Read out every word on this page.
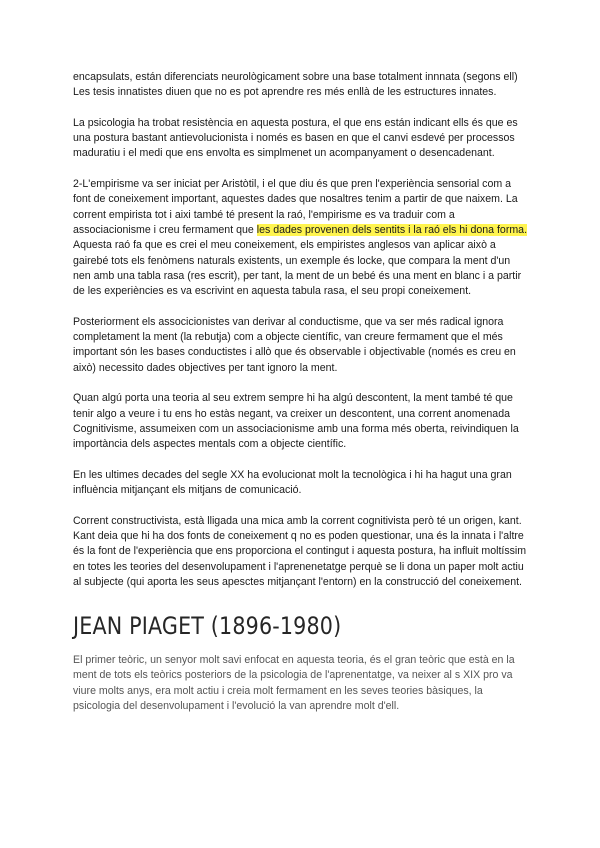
encapsulats, están diferenciats neurològicament sobre una base totalment innnata (segons ell)

Les tesis innatistes diuen que no es pot aprendre res més enllà de les estructures innates.

La psicologia ha trobat resistència en aquesta postura, el que ens están indicant ells és que es una postura bastant antievolucionista i només es basen en que el canvi esdevé per processos maduratiu i el medi que ens envolta es simplmenet un acompanyament o desencadenant.

2-L'empirisme va ser iniciat per Aristòtil, i el que diu és que pren l'experiència sensorial com a font de coneixement important, aquestes dades que nosaltres tenim a partir de que naixem. La corrent empirista tot i aixi també té present la raó, l'empirisme es va traduir com a associacionisme i creu fermament que les dades provenen dels sentits i la raó els hi dona forma. Aquesta raó fa que es crei el meu coneixement, els empiristes anglesos van aplicar això a gairebé tots els fenòmens naturals existents, un exemple és locke, que compara la ment d'un nen amb una tabla rasa (res escrit), per tant, la ment de un bebé és una ment en blanc i a partir de les experiències es va escrivint en aquesta tabula rasa, el seu propi coneixement.

Posteriorment els associcionistes van derivar al conductisme, que va ser més radical ignora completament la ment (la rebutja) com a objecte científic, van creure fermament que el més important són les bases conductistes i allò que és observable i objectivable (només es creu en això) necessito dades objectives per tant ignoro la ment.

Quan algú porta una teoria al seu extrem sempre hi ha algú descontent, la ment també té que tenir algo a veure i tu ens ho estàs negant, va creixer un descontent, una corrent anomenada Cognitivisme, assumeixen com un associacionisme amb una forma més oberta, reivindiquen la importància dels aspectes mentals com a objecte científic.

En les ultimes decades del segle XX ha evolucionat molt la tecnològica i hi ha hagut una gran influència mitjançant els mitjans de comunicació.

Corrent constructivista, està lligada una mica amb la corrent cognitivista però té un origen, kant.

Kant deia que hi ha dos fonts de coneixement q no es poden questionar, una és la innata i l'altre és la font de l'experiència que ens proporciona el contingut i aquesta postura, ha influit moltíssim en totes les teories del desenvolupament i l'aprenenetatge perquè se li dona un paper molt actiu al subjecte (qui aporta les seus apesctes mitjançant l'entorn) en la construcció del coneixement.

JEAN PIAGET (1896-1980)

El primer teòric, un senyor molt savi enfocat en aquesta teoria, és el gran teòric que està en la ment de tots els teòrics posteriors de la psicologia de l'aprenentatge, va neixer al s XIX pro va viure molts anys, era molt actiu i creia molt fermament en les seves teories bàsiques, la psicologia del desenvolupament i l'evolució la van aprendre molt d'ell.
